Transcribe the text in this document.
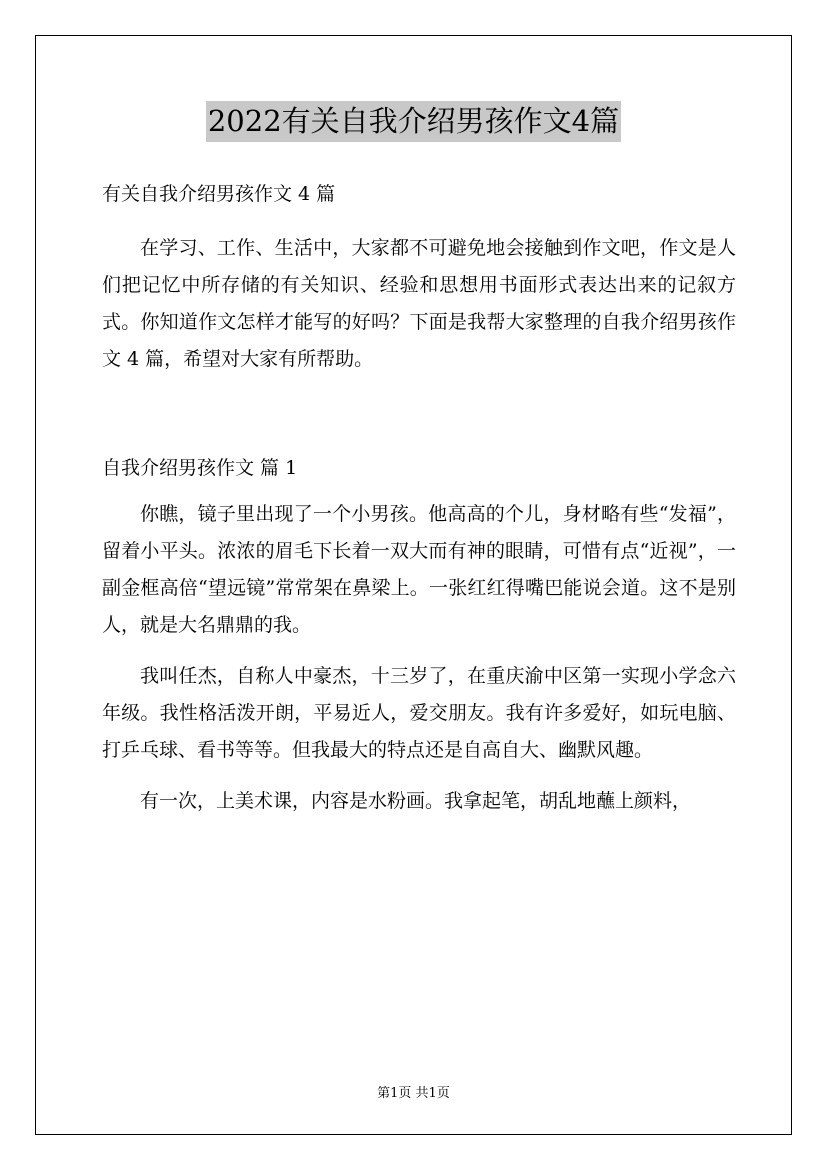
2022有关自我介绍男孩作文4篇
有关自我介绍男孩作文 4 篇

在学习、工作、生活中，大家都不可避免地会接触到作文吧，作文是人们把记忆中所存储的有关知识、经验和思想用书面形式表达出来的记叙方式。你知道作文怎样才能写的好吗？下面是我帮大家整理的自我介绍男孩作文 4 篇，希望对大家有所帮助。

自我介绍男孩作文 篇 1

你瞧，镜子里出现了一个小男孩。他高高的个儿，身材略有些“发福”，留着小平头。浓浓的眉毛下长着一双大而有神的眼睛，可惜有点“近视”，一副金框高倍“望远镜”常常架在鼻梁上。一张红红得嘴巴能说会道。这不是别人，就是大名鼎鼎的我。

我叫任杰，自称人中豪杰，十三岁了，在重庆渝中区第一实现小学念六年级。我性格活泼开朗，平易近人，爱交朋友。我有许多爱好，如玩电脑、打乒乓球、看书等等。但我最大的特点还是自高自大、幽默风趣。

有一次，上美术课，内容是水粉画。我拿起笔，胡乱地蘸上颜料，

第1页 共1页
